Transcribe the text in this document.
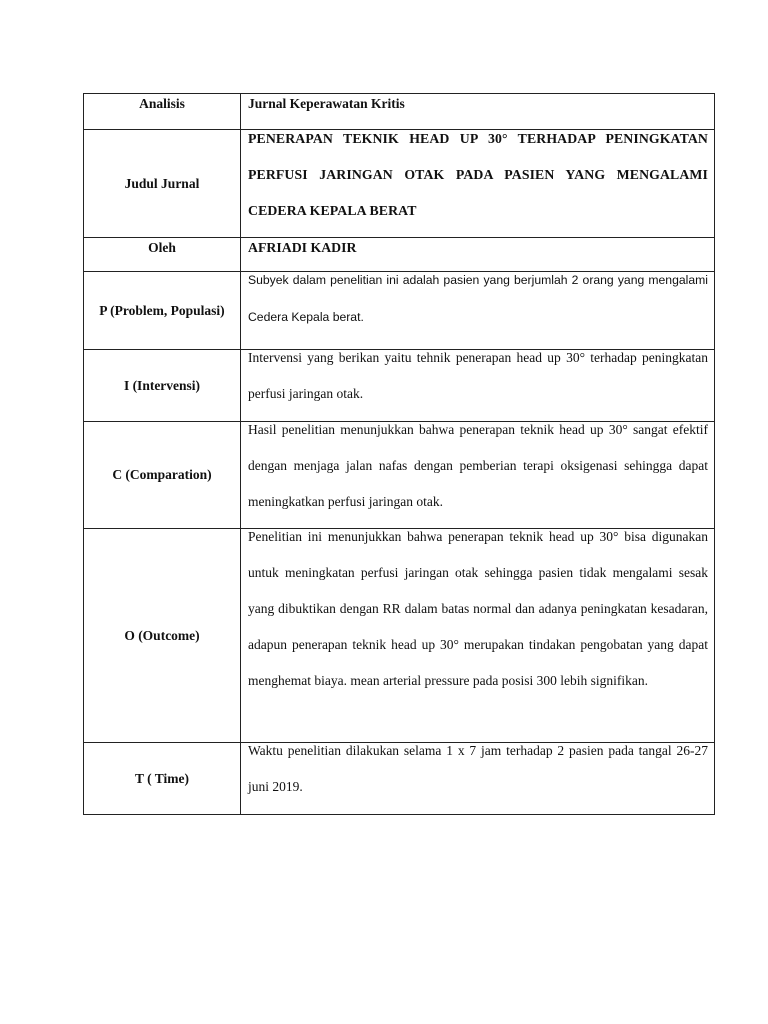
Analisis	Jurnal Keperawatan Kritis
Judul Jurnal	PENERAPAN TEKNIK HEAD UP 30° TERHADAP PENINGKATAN PERFUSI JARINGAN OTAK PADA PASIEN YANG MENGALAMI CEDERA KEPALA BERAT

Oleh	AFRIADI KADIR
P (Problem, Populasi)	Subyek dalam penelitian ini adalah pasien yang berjumlah 2 orang yang mengalami Cedera Kepala berat.

I (Intervensi)	Intervensi yang berikan yaitu tehnik penerapan head up 30° terhadap peningkatan perfusi jaringan otak.

C (Comparation)	Hasil penelitian menunjukkan bahwa penerapan teknik head up 30° sangat efektif dengan menjaga jalan nafas dengan pemberian terapi oksigenasi sehingga dapat meningkatkan perfusi jaringan otak.

O (Outcome)	Penelitian ini menunjukkan bahwa penerapan teknik head up 30° bisa digunakan untuk meningkatan perfusi jaringan otak sehingga pasien tidak mengalami sesak yang dibuktikan dengan RR dalam batas normal dan adanya peningkatan kesadaran, adapun penerapan teknik head up 30° merupakan tindakan pengobatan yang dapat menghemat biaya. mean arterial pressure pada posisi 300 lebih signifikan.

T ( Time)	Waktu penelitian dilakukan selama 1 x 7 jam terhadap 2 pasien pada tangal 26-27 juni 2019.
